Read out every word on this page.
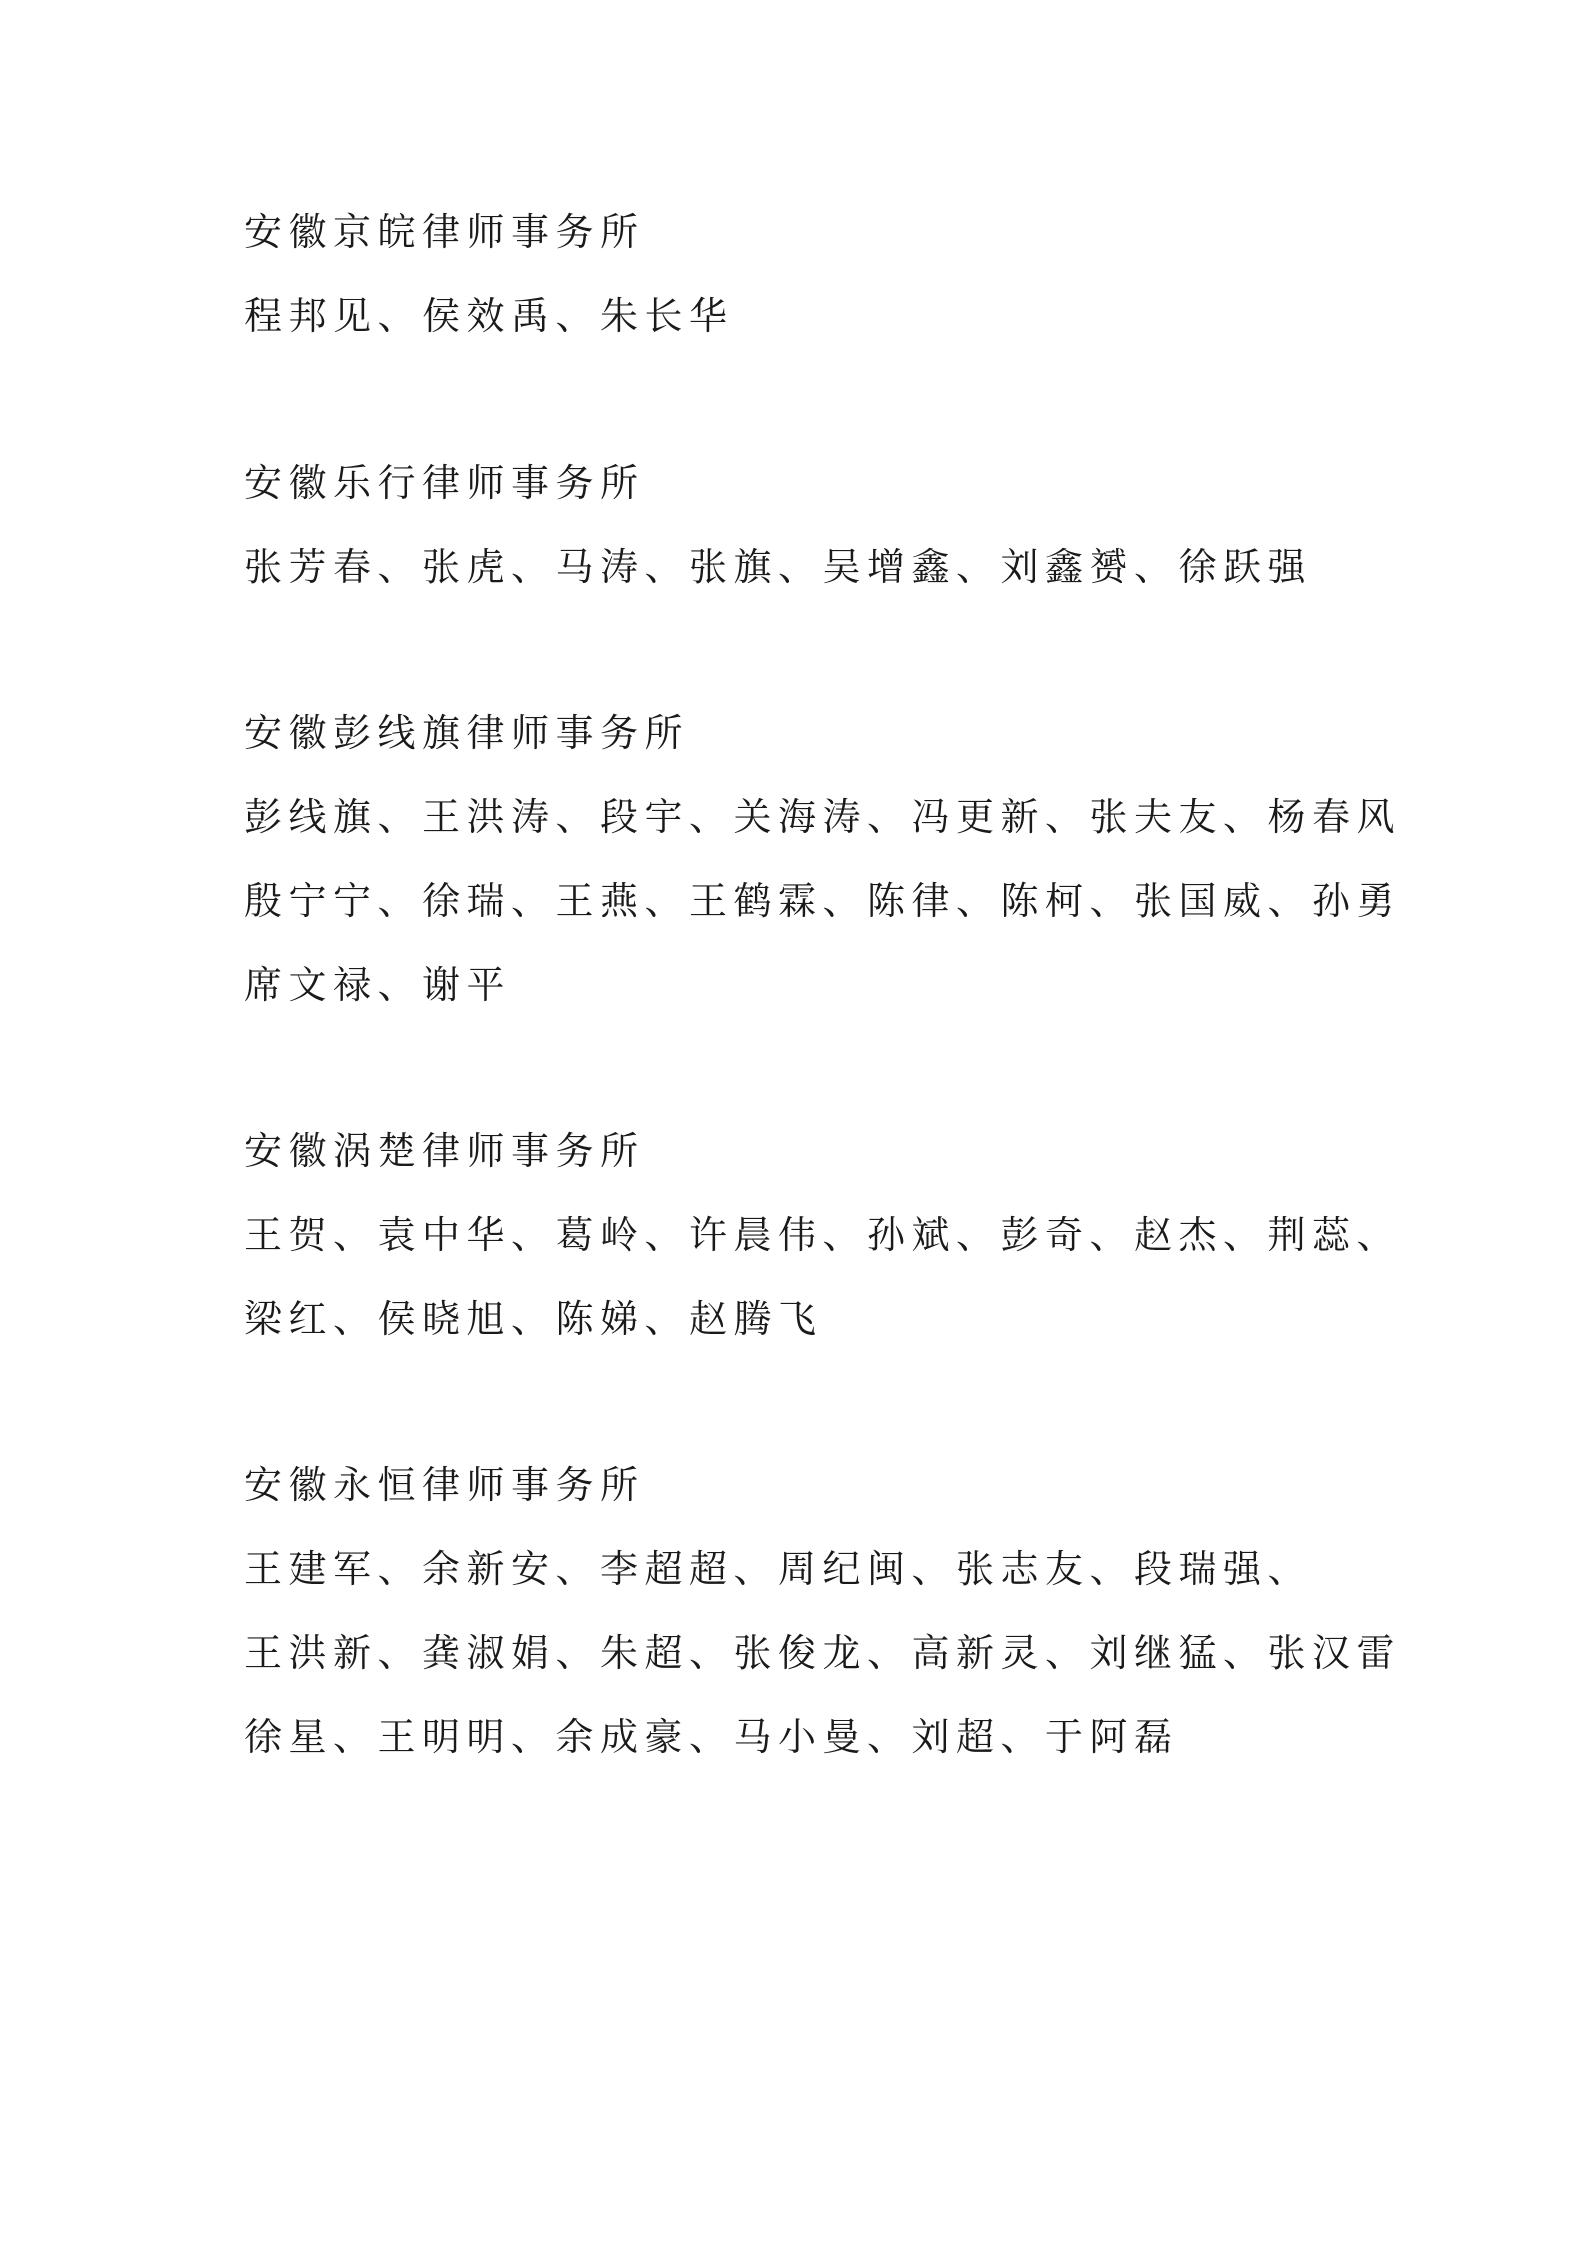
安徽京皖律师事务所

程邦见、侯效禹、朱长华

安徽乐行律师事务所

张芳春、张虎、马涛、张旗、吴增鑫、刘鑫赟、徐跃强

安徽彭线旗律师事务所

彭线旗、王洪涛、段宇、关海涛、冯更新、张夫友、杨春风

殷宁宁、徐瑞、王燕、王鹤霖、陈律、陈柯、张国威、孙勇

席文禄、谢平

安徽涡楚律师事务所

王贺、袁中华、葛岭、许晨伟、孙斌、彭奇、赵杰、荆蕊、

梁红、侯晓旭、陈娣、赵腾飞

安徽永恒律师事务所

王建军、余新安、李超超、周纪闽、张志友、段瑞强、

王洪新、龚淑娟、朱超、张俊龙、高新灵、刘继猛、张汉雷

徐星、王明明、余成豪、马小曼、刘超、于阿磊
